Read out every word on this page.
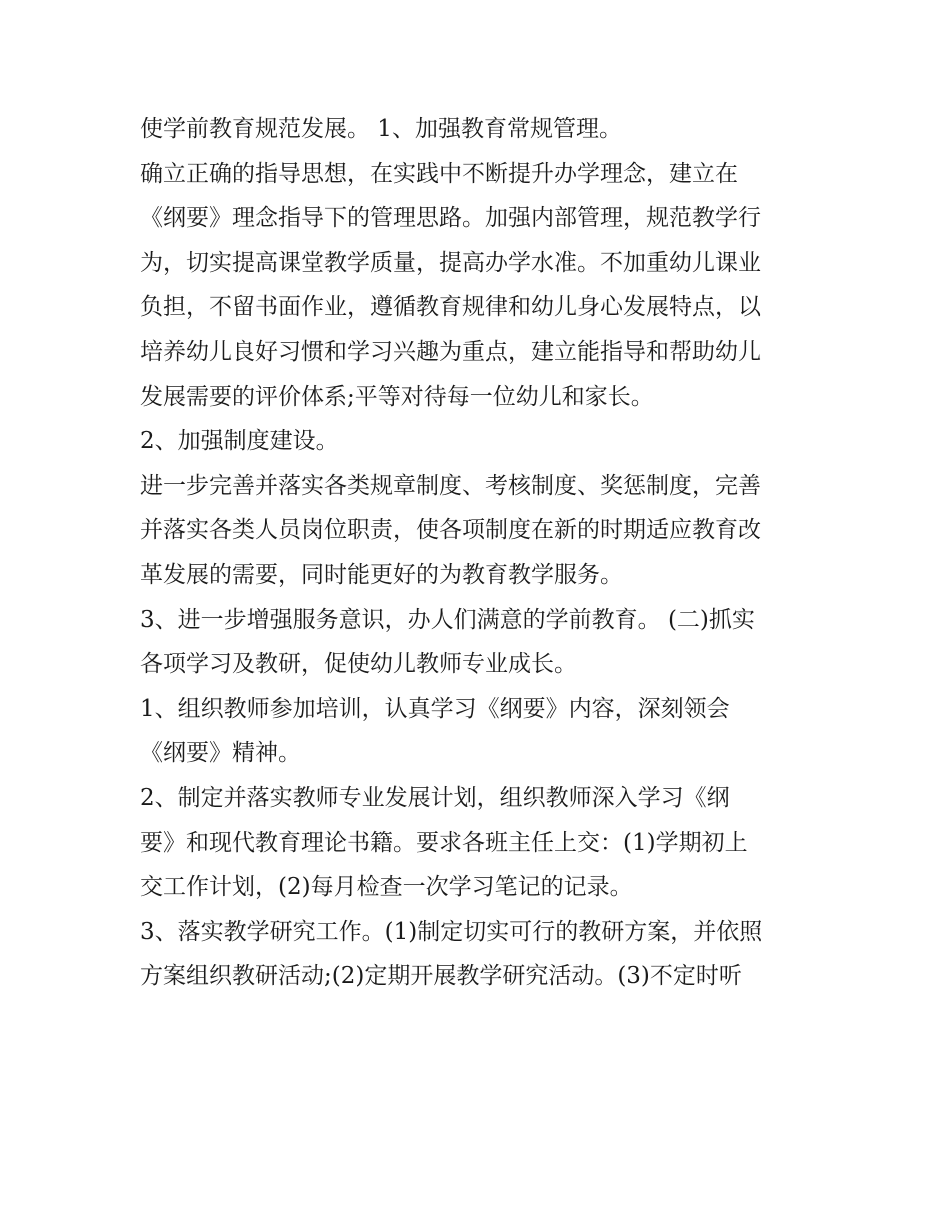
使学前教育规范发展。 1、加强教育常规管理。
确立正确的指导思想，在实践中不断提升办学理念，建立在
《纲要》理念指导下的管理思路。加强内部管理，规范教学行
为，切实提高课堂教学质量，提高办学水准。不加重幼儿课业
负担，不留书面作业，遵循教育规律和幼儿身心发展特点，以
培养幼儿良好习惯和学习兴趣为重点，建立能指导和帮助幼儿
发展需要的评价体系;平等对待每一位幼儿和家长。
2、加强制度建设。
进一步完善并落实各类规章制度、考核制度、奖惩制度，完善
并落实各类人员岗位职责，使各项制度在新的时期适应教育改
革发展的需要，同时能更好的为教育教学服务。
3、进一步增强服务意识，办人们满意的学前教育。 (二)抓实
各项学习及教研，促使幼儿教师专业成长。
1、组织教师参加培训，认真学习《纲要》内容，深刻领会
《纲要》精神。
2、制定并落实教师专业发展计划，组织教师深入学习《纲
要》和现代教育理论书籍。要求各班主任上交：(1)学期初上
交工作计划，(2)每月检查一次学习笔记的记录。
3、落实教学研究工作。(1)制定切实可行的教研方案，并依照
方案组织教研活动;(2)定期开展教学研究活动。(3)不定时听
